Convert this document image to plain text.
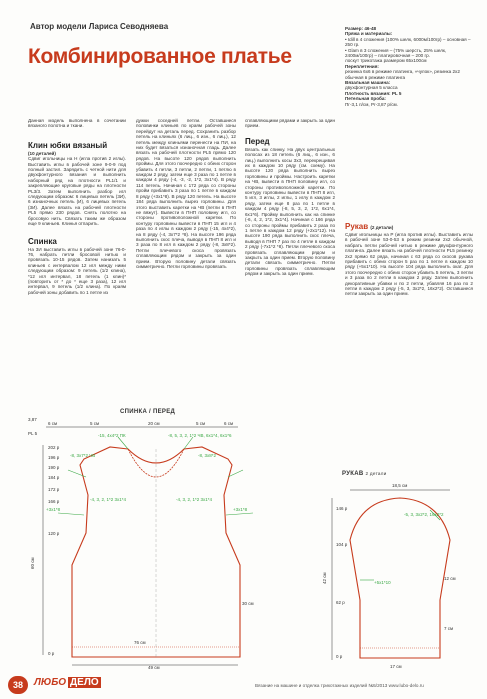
Автор модели Лариса Севодняева
Комбинированное платье
Размер: 46-48
Пряжа и материалы:
• Idill в 4 сложения (100% шелк, 6000м/100гр) – основная – 250 гр.
• Glam в 3 сложения – (75% шерсть, 25% шелк, 2400м/100гр) – платировочная – 200 гр.
лоскут трикотажа размером 65х100см
Переплетения:
резинка 6х6 в режиме платинга, «чулок», резинка 2х2 обычная в режиме платинга
Вязальная машина:
двухфонтурная 5 класса
Плотность вязания: PL 5
Петельная проба:
Пг-3,1 п/см, Рг-3,87 р/см.

Данная модель выполнена в сочетании вязаного полотна и ткани.

Клин юбки вязаный
(10 деталей)

Сдвиг игольницы на Н (игла против 2 иглы). Выставить иглы в рабочей зоне 9-0-9 под полный застил. Зарядить с четной нити для двухфонтурного вязания и выполнить наборный ряд на плотности PL1/1 и закрепляющие круговые ряды на плотности PL3/3. Затем выполнить разбор игл следующим образом: 6 лицевых петель (3И), 6 изнаночных петель (И), 6 лицевых петель (3И). Далее вязать на рабочей плотности PL5 прямо 230 рядов. Снять полотно на бросовую нить. Связать таким же образом еще 9 клиньев. Клинья отпарить.

Спинка

На 3И выставить иглы в рабочей зоне 76-0-76, набрать петли бросовой нитью и провязать 10-15 рядов. Затем нанизать 5 клиньев с интервалом 12 игл между ними следующим образом: 9 петель (1/2 клина), *12 игл интервал, 18 петель (1 клин)* (повторить от * до * еще 3 раза), 12 игл интервал, 9 петель (1/2 клина). По краям рабочей зоны добавить по 1 петле из

дужки соседней петли. Оставшиеся половинки клиньев по краям рабочей зоны перейдут на деталь перед. Сохранить разбор петель на клиньях (6 лиц., 6 изн., 6 лиц.), 12 петель между клиньями перенести на ПИ, на них будет вязаться изнаночная гладь. Далее вязать на рабочей плотности PL5 прямо 120 рядов. На высоте 120 рядов выполнить проймы. Для этого поочередно с обеих сторон убавить 4 петли, 3 петли, 2 петли, 1 петлю в каждом 2 ряду, затем еще 3 раза по 1 петле в каждом 4 ряду (-4, -3, -2, 1*2, 3x1*4). В ряду 114 петель. Начиная с 172 ряда со стороны пройм прибавить 3 раза по 1 петле в каждом 8 ряду (+3x1*8). В ряду 120 петель. На высоте 184 ряда выполнить вырез горловины. Для этого выставить каретки на ЧВ (петли в ПНП не вяжут). Вывести в ПНП половину игл, со стороны противоположной каретки. По контуру горловины вывести в ПНП 15 игл и 4 раза по 4 иглы в каждом 2 ряду (-15, 4x4*2), на 8 ряду (-4, 3x7*2 *8). На высоте 196 ряда выполнить скос плеча, выводя в ПНП 8 игл и 3 раза по 8 игл в каждом 2 ряду (-8, 3x8*2). Петли плечевого скоса провязать сплавляющим рядом и закрыть за один прием. Вторую половину детали связать симметрично. Петли горловины провязать

сплавляющими рядами и закрыть за один прием.

Перед

Вязать как спинку. На двух центральных полосах из 18 петель (6 лиц., 6 изн., 6 лиц.) выполнить косы 3х3, перекрещивая их в каждом 10 ряду (см. схему). На высоте 120 ряда выполнить вырез горловины и проймы. Настроить каретки на ЧВ, вывести в ПНП половину игл, со стороны противоположной каретки. По контуру горловины вывести в ПНП 8 игл, 5 игл, 3 иглы, 2 иглы, 1 иглу в каждом 2 ряду, затем еще 8 раз по 1 петле в каждом 4 ряду (-8, 5, 3, 2, 1*2, 6x1*4, 6x1*6). Пройму выполнить как на спинке (-6, 4, 2, 1*2, 3x1*4). Начиная с 166 ряда со стороны проймы прибавить 2 раза по 1 петле в каждом 12 ряду (+2x1*12). На высоте 190 ряда выполнить скос плеча, выводя в ПНП 7 раз по 4 петле в каждом 2 ряду (-7x1*2 *8). Петли плечевого скоса провязать сплавляющим рядом и закрыть за один прием. Вторую половину детали связать симметрично. Петли горловины провязать сплавляющим рядом и закрыть за один прием.

Рукав (2 детали)

Сдвиг игольницы на Р (игла против иглы). Выставить иглы в рабочей зоне 53-0-53 в режим резинки 2х2 обычной, набрать петли рабочей нитью в режиме двухфонтурного платинга. Далее вязать на рабочей плотности PL5 резинку 2х2 прямо 62 ряда, начиная с 63 ряда со скосов рукава прибавить с обеих сторон 5 раз по 1 петле в каждом 10 ряду (+5x1*10). На высоте 104 ряда выполнить окат. Для этого поочередно с обеих сторон убавить 5 петель, 3 петли и 3 раза по 2 петли в каждом 2 ряду. Затем выполнить декоративные убавки и по 2 петли, убавляя 16 раз по 2 петли в каждом 2 ряду (-5, 3, 3x2*2, 16x2*2). Оставшиеся петли закрыть за один прием.

СПИНКА / ПЕРЕД
3,87
PL 5
6 см	5 см	20 см	5 см	6 см
-15, 4x4*2 ПК	-8, 5, 3, 2, 1*2 ЧВ, 6x1*4, 6x1*6
-8, 3x7*2 ЧВ	-8, 3x8*2
-4, 3, 2, 1*2 3x1*4	-4, 3, 2, 1*2 3x1*4
+3x1*8	+3x1*8
202 р
196 р
190 р
184 р
172 р
166 р
120 р
0 р
60 см
76 см
49 см
30 см
РУКАВ 2 детали
18,5 см
-5, 3, 3x2*2, 16x2*2
+5x1*10
146 р
104 р
62 р
0 р
42 см	12 см
17 см
7 см
38	ЛЮБО ДЕЛО	Вязание на машине и отделка трикотажных изделий №5/2013 www.lubo-delo.ru
